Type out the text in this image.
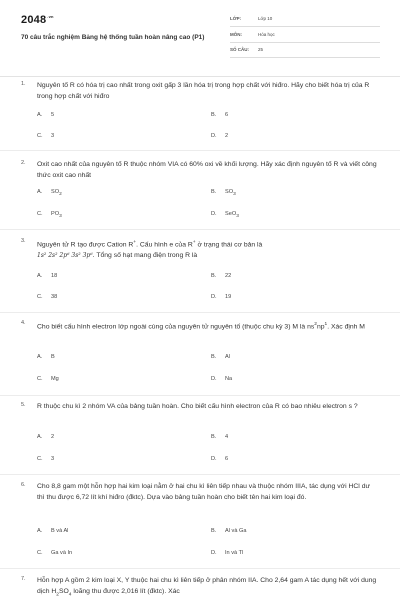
$2048^{.vn}$
70 câu trắc nghiệm Bảng hệ thống tuần hoàn nâng cao (P1)
LỚP:	Lớp 10
MÔN:	Hóa học
SỐ CÂU: 25
1. Nguyên tố R có hóa trị cao nhất trong oxit gấp 3 lần hóa trị trong hợp chất với hiđro. Hãy cho biết hóa trị của R trong hợp chất với hiđro
A. 5	B. 6
C. 3	D. 2
2. Oxit cao nhất của nguyên tố R thuộc nhóm VIA có 60% oxi về khối lượng. Hãy xác định nguyên tố R và viết công thức oxit cao nhất
A. SO2	B. SO3
C. PO3	D. SeO3
3.
Nguyên tử R tạo được Cation R+. Cấu hình e của R+ ở trạng thái cơ bản là
1s² 2s² 2p⁶ 3s² 3p⁶. Tổng số hạt mang điện trong R là
A. 18	B. 22
C. 38	D. 19
4.
Cho biết cấu hình electron lớp ngoài cùng của nguyên tử nguyên tố (thuộc chu kỳ 3) M là $ns^2np^1$. Xác định M
A. B	B. Al
C. Mg	D. Na
5. R thuộc chu kì 2 nhóm VA của bảng tuần hoàn. Cho biết cấu hình electron của R có bao nhiêu electron s ?
A. 2	B. 4
C. 3	D. 6
6. Cho 8,8 gam một hỗn hợp hai kim loại nằm ở hai chu kì liên tiếp nhau và thuộc nhóm IIIA, tác dụng với HCl dư thì thu được 6,72 lít khí hiđro (đktc). Dựa vào bảng tuần hoàn cho biết tên hai kim loại đó.
A. B và Al	B. Al và Ga
C. Ga và In	D. In và Tl
7. Hỗn hợp A gồm 2 kim loại X, Y thuộc hai chu kì liên tiếp ở phân nhóm IIA. Cho 2,64 gam A tác dụng hết với dung dịch $H_2SO_4$ loãng thu được 2,016 lít (đktc). Xác
